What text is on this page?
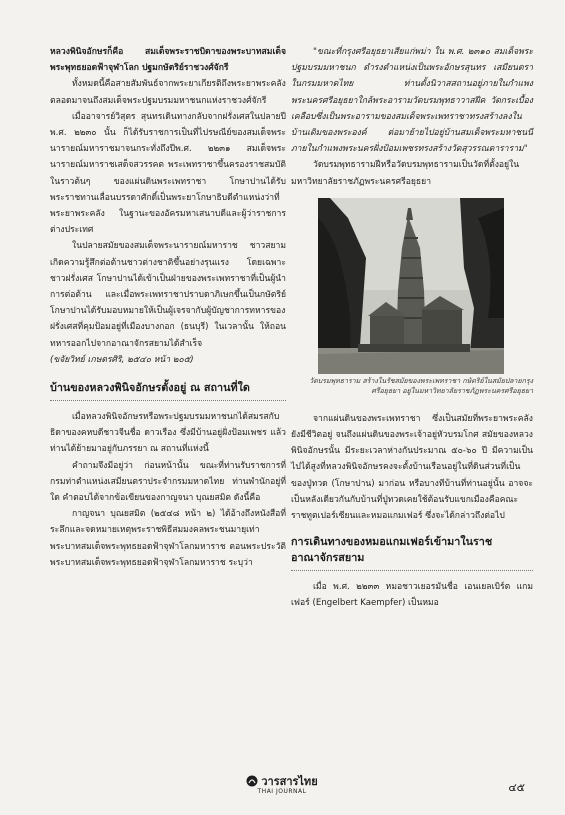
หลวงพินิจอักษรก็คือ สมเด็จพระราชบิดาของพระบาทสมเด็จพระพุทธยอดฟ้าจุฬาโลก ปฐมกษัตริย์ราชวงศ์จักรี

ทั้งหมดนี้คือสายสัมพันธ์จากพระยาเกียรติถึงพระยาพระคลัง ตลอดมาจนถึงสมเด็จพระปฐมบรมมหาชนกแห่งราชวงศ์จักรี

เมื่ออาจารย์วิสุตร สุนทรเดินทางกลับจากฝรั่งเศสในปลายปี พ.ศ. ๒๒๓๐ นั้น ก็ได้รับราชการเป็นที่ไปรษณีย์ของสมเด็จพระนารายณ์มหาราชมาจนกระทั่งถึงปีพ.ศ. ๒๒๓๑ สมเด็จพระนารายณ์มหาราชเสด็จสวรรคต พระเพทราชาขึ้นครองราชสมบัติในราวต้นๆ ของแผ่นดินพระเพทราชา โกษาปานได้รับพระราชทานเลื่อนบรรดาศักดิ์เป็นพระยาโกษาธิบดีตำแหน่งว่าที่พระยาพระคลัง ในฐานะของอัครมหาเสนาบดีและผู้ว่าราชการต่างประเทศ

ในปลายสมัยของสมเด็จพระนารายณ์มหาราช ชาวสยามเกิดความรู้สึกต่อต้านชาวต่างชาติขึ้นอย่างรุนแรง โดยเฉพาะชาวฝรั่งเศส โกษาปานได้เข้าเป็นฝ่ายของพระเพทราชาที่เป็นผู้นำการต่อต้าน และเมื่อพระเพทราชาปราบดาภิเษกขึ้นเป็นกษัตริย์ โกษาปานได้รับมอบหมายให้เป็นผู้เจรจากับผู้บัญชาการทหารของฝรั่งเศสที่คุมป้อมอยู่ที่เมืองบางกอก (ธนบุรี) ในเวลานั้น ให้ถอนทหารออกไปจากอาณาจักรสยามได้สำเร็จ

(ขจัยวิทย์ เกษตรศิริ, ๒๕๔๐ หน้า ๒๐๕)

บ้านของหลวงพินิจอักษรตั้งอยู่ ณ สถานที่ใด

เมื่อหลวงพินิจอักษรหรือพระปฐมบรมมหาชนกได้สมรสกับธิดาของคหบดีชาวจีนชื่อ ดาวเรือง ซึ่งมีบ้านอยู่ฝั่งป้อมเพชร แล้วท่านได้ย้ายมาอยู่กับภรรยา ณ สถานที่แห่งนี้

คำถามจึงมีอยู่ว่า ก่อนหน้านั้น ขณะที่ท่านรับราชการที่กรมท่าตำแหน่งเสมียนตราประจำกรมมหาดไทย ท่านพำนักอยู่ที่ใด คำตอบได้จากข้อเขียนของกาญจนา บุณยสมิต ดังนี้คือ

กาญจนา บุณยสมิต (๒๕๔๘ หน้า ๒) ได้อ้างถึงหนังสือที่ระลึกและจดหมายเหตุพระราชพิธีสมมงคลพระชนมายุเท่าพระบาทสมเด็จพระพุทธยอดฟ้าจุฬาโลกมหาราช ตอนพระประวัติพระบาทสมเด็จพระพุทธยอดฟ้าจุฬาโลกมหาราช ระบุว่า

"ขณะที่กรุงศรีอยุธยาเสียแก่พม่า ใน พ.ศ. ๒๓๑๐ สมเด็จพระปฐมบรมมหาชนก ดำรงตำแหน่งเป็นพระอักษรสุนทร เสมียนตราในกรมมหาดไทย ท่านตั้งนิวาสสถานอยู่ภายในกำแพงพระนครศรีอยุธยาใกล้พระอารามวัดบรมพุทธาวาสฝีค วัดกระเบื้องเคลือบซึ่งเป็นพระอารามของสมเด็จพระเพทราชาทรงสร้างลงในบ้านเดิมของพระองค์ ต่อมาย้ายไปอยู่บ้านสมเด็จพระมหาชนนีภายในกำแพงพระนครฝั่งป้อมเพชรทรงสร้างวัดสุวรรณดาราราม"

วัดบรมพุทธารามฝีหรือวัดบรมพุทธารามเป็นวัดที่ตั้งอยู่ในมหาวิทยาลัยราชภัฏพระนครศรีอยุธยา

วัดบรมพุทธาราม สร้างในรัชสมัยของพระเพทราชา กษัตริย์ในสมัยปลายกรุงศรีอยุธยา อยู่ในมหาวิทยาลัยราชภัฏพระนครศรีอยุธยา

จากแผ่นดินของพระเพทราชา ซึ่งเป็นสมัยที่พระยาพระคลังยังมีชีวิตอยู่ จนถึงแผ่นดินของพระเจ้าอยู่หัวบรมโกศ สมัยของหลวงพินิจอักษรนั้น มีระยะเวลาห่างกันประมาณ ๕๐-๖๐ ปี มีความเป็นไปได้สูงที่หลวงพินิจอักษรคงจะตั้งบ้านเรือนอยู่ในที่ดินส่วนที่เป็นของปู่ทวด (โกษาปาน) มาก่อน หรือบางทีบ้านที่ท่านอยู่นั้น อาจจะเป็นหลังเดียวกันกับบ้านที่ปู่ทวดเคยใช้ต้อนรับแขกเมืองคือคณะราชทูตเปอร์เซียนและหมอแกมเฟอร์ ซึ่งจะได้กล่าวถึงต่อไป

การเดินทางของหมอแกมเฟอร์เข้ามาในราชอาณาจักรสยาม

เมื่อ พ.ศ. ๒๒๓๓ หมอชาวเยอรมันชื่อ เอนเยลเบิร์ต แกมเฟอร์ (Engelbert Kaempfer) เป็นหมอ

วารสารไทย
THAI JOURNAL	๔๕
